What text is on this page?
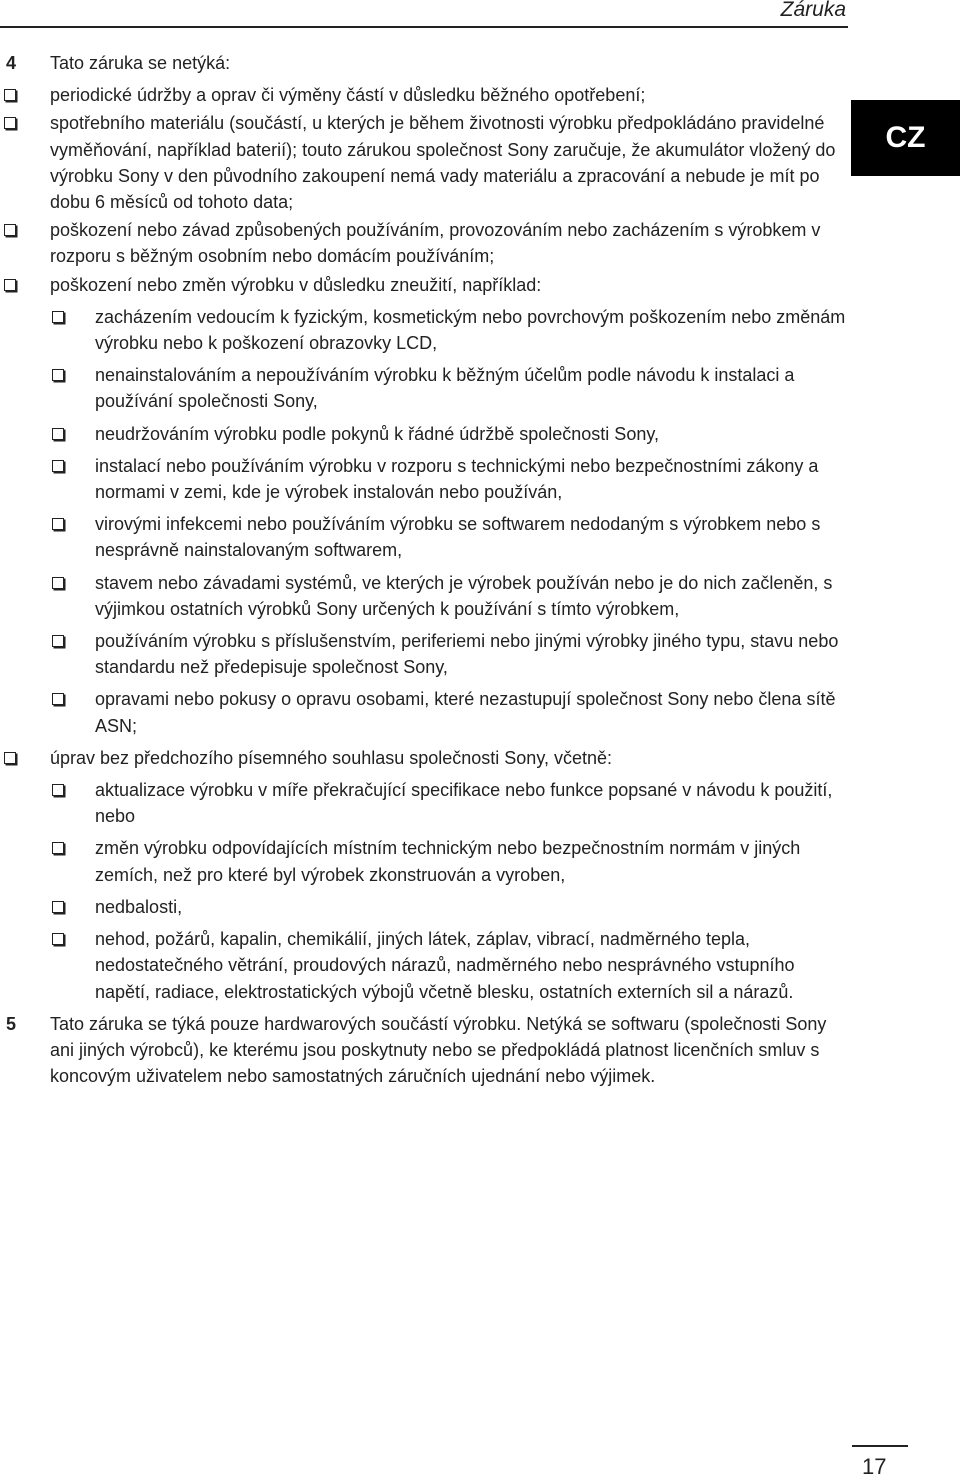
Záruka
CZ
4 Tato záruka se netýká:
periodické údržby a oprav či výměny částí v důsledku běžného opotřebení;
spotřebního materiálu (součástí, u kterých je během životnosti výrobku předpokládáno pravidelné vyměňování, například baterií); touto zárukou společnost Sony zaručuje, že akumulátor vložený do výrobku Sony v den původního zakoupení nemá vady materiálu a zpracování a nebude je mít po dobu 6 měsíců od tohoto data;
poškození nebo závad způsobených používáním, provozováním nebo zacházením s výrobkem v rozporu s běžným osobním nebo domácím používáním;
poškození nebo změn výrobku v důsledku zneužití, například:
zacházením vedoucím k fyzickým, kosmetickým nebo povrchovým poškozením nebo změnám výrobku nebo k poškození obrazovky LCD,
nenainstalováním a nepoužíváním výrobku k běžným účelům podle návodu k instalaci a používání společnosti Sony,
neudržováním výrobku podle pokynů k řádné údržbě společnosti Sony,
instalací nebo používáním výrobku v rozporu s technickými nebo bezpečnostními zákony a normami v zemi, kde je výrobek instalován nebo používán,
virovými infekcemi nebo používáním výrobku se softwarem nedodaným s výrobkem nebo s nesprávně nainstalovaným softwarem,
stavem nebo závadami systémů, ve kterých je výrobek používán nebo je do nich začleněn, s výjimkou ostatních výrobků Sony určených k používání s tímto výrobkem,
používáním výrobku s příslušenstvím, periferiemi nebo jinými výrobky jiného typu, stavu nebo standardu než předepisuje společnost Sony,
opravami nebo pokusy o opravu osobami, které nezastupují společnost Sony nebo člena sítě ASN;
úprav bez předchozího písemného souhlasu společnosti Sony, včetně:
aktualizace výrobku v míře překračující specifikace nebo funkce popsané v návodu k použití, nebo
změn výrobku odpovídajících místním technickým nebo bezpečnostním normám v jiných zemích, než pro které byl výrobek zkonstruován a vyroben,
nedbalosti,
nehod, požárů, kapalin, chemikálií, jiných látek, záplav, vibrací, nadměrného tepla, nedostatečného větrání, proudových nárazů, nadměrného nebo nesprávného vstupního napětí, radiace, elektrostatických výbojů včetně blesku, ostatních externích sil a nárazů.
5 Tato záruka se týká pouze hardwarových součástí výrobku. Netýká se softwaru (společnosti Sony ani jiných výrobců), ke kterému jsou poskytnuty nebo se předpokládá platnost licenčních smluv s koncovým uživatelem nebo samostatných záručních ujednání nebo výjimek.
17
